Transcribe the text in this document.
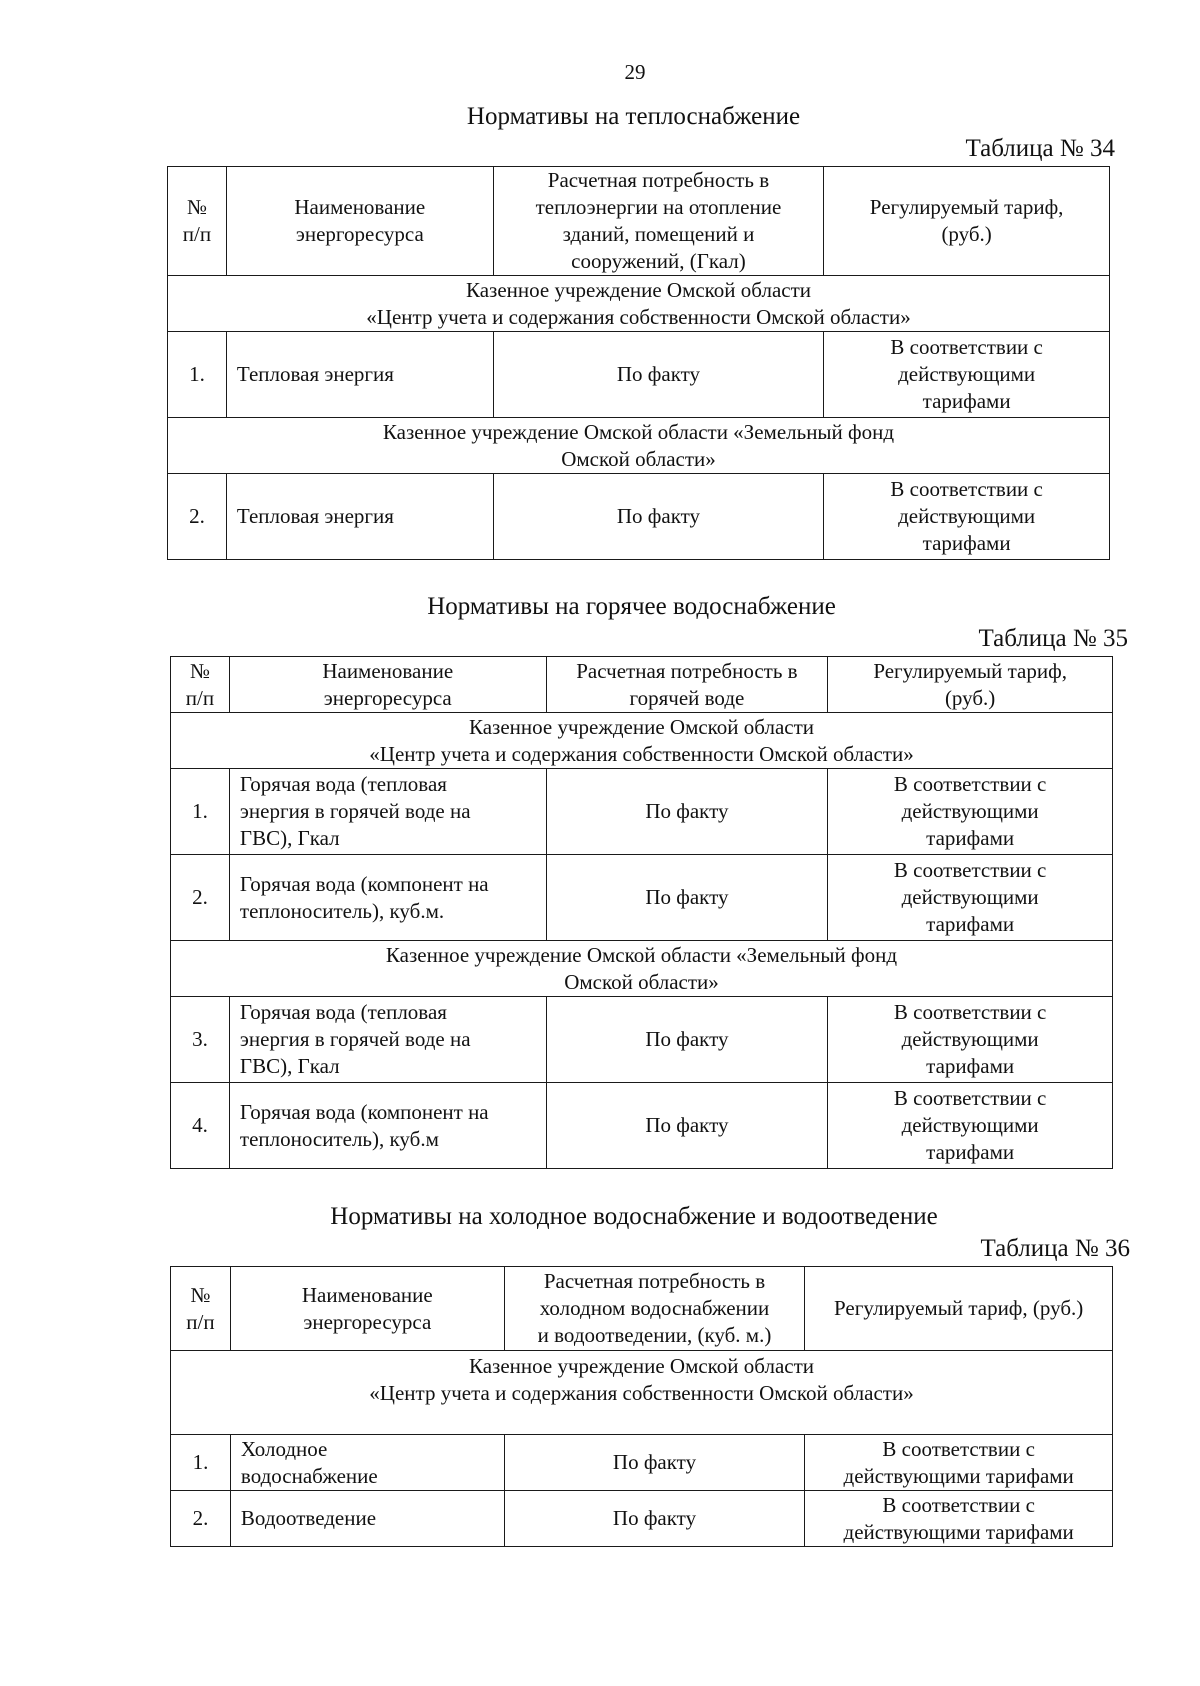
29
Нормативы на теплоснабжение
Таблица № 34
№
п/п	Наименование
энергоресурса	Расчетная потребность в
теплоэнергии на отопление
зданий, помещений и
сооружений, (Гкал)	Регулируемый тариф,
(руб.)

Казенное учреждение Омской области
«Центр учета и содержания собственности Омской области»			

1.	Тепловая энергия	По факту	В соответствии с
действующими
тарифами

Казенное учреждение Омской области «Земельный фонд
Омской области»			

2.	Тепловая энергия	По факту	В соответствии с
действующими
тарифами
Нормативы на горячее водоснабжение
Таблица № 35
№
п/п	Наименование
энергоресурса	Расчетная потребность в
горячей воде	Регулируемый тариф,
(руб.)

Казенное учреждение Омской области
«Центр учета и содержания собственности Омской области»			

1.	Горячая вода (тепловая
энергия в горячей воде на
ГВС), Гкал	По факту	В соответствии с
действующими
тарифами

2.	Горячая вода (компонент на
теплоноситель), куб.м.	По факту	В соответствии с
действующими
тарифами

Казенное учреждение Омской области «Земельный фонд
Омской области»			

3.	Горячая вода (тепловая
энергия в горячей воде на
ГВС), Гкал	По факту	В соответствии с
действующими
тарифами

4.	Горячая вода (компонент на
теплоноситель), куб.м	По факту	В соответствии с
действующими
тарифами
Нормативы на холодное водоснабжение и водоотведение
Таблица № 36
№
п/п	Наименование
энергоресурса	Расчетная потребность в
холодном водоснабжении
и водоотведении, (куб. м.)	Регулируемый тариф, (руб.)

Казенное учреждение Омской области
«Центр учета и содержания собственности Омской области»			

1.	Холодное
водоснабжение	По факту	В соответствии с
действующими тарифами

2.	Водоотведение	По факту	В соответствии с
действующими тарифами
